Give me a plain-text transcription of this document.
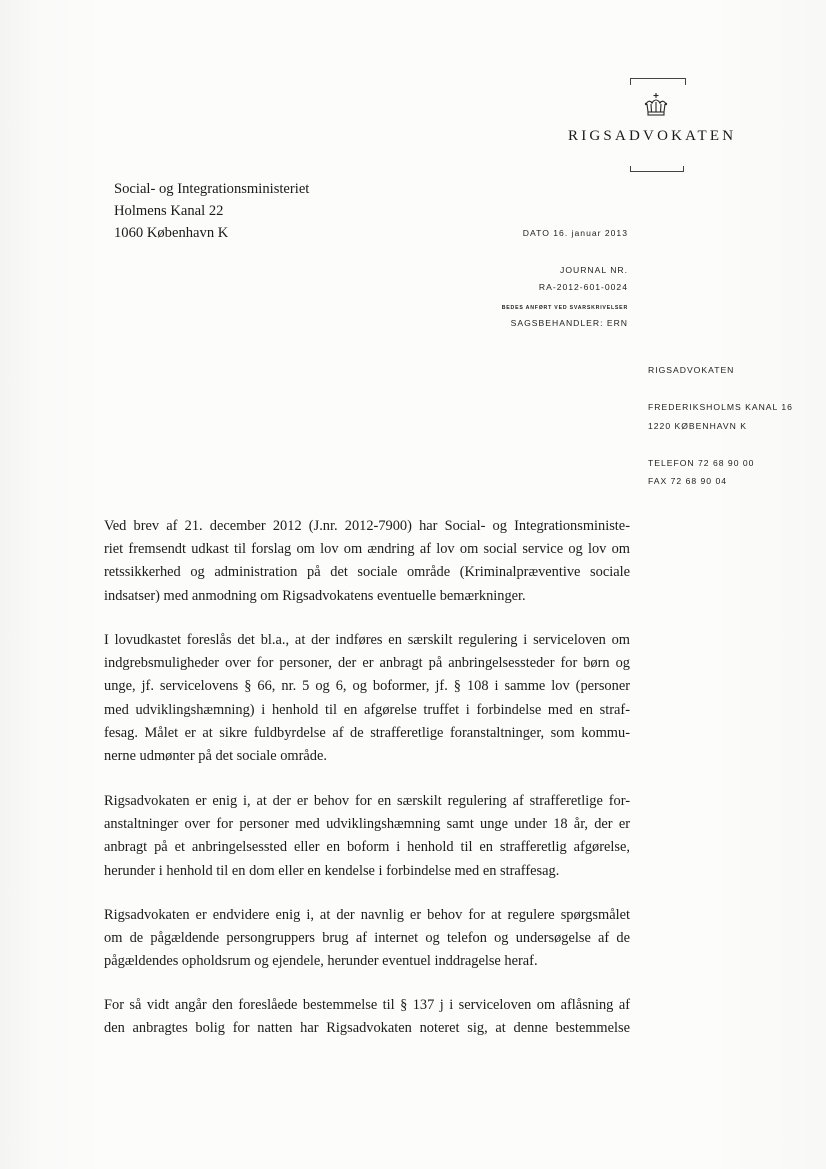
RIGSADVOKATEN
Social- og Integrationsministeriet
Holmens Kanal 22
1060 København K	DATO 16. januar 2013
JOURNAL NR.
RA-2012-601-0024
BEDES ANFØRT VED SVARSKRIVELSER
SAGSBEHANDLER: ERN
RIGSADVOKATEN
FREDERIKSHOLMS KANAL 16
1220 KØBENHAVN K
TELEFON 72 68 90 00
FAX 72 68 90 04
Ved brev af 21. december 2012 (J.nr. 2012-7900) har Social- og Integrationsministe-
riet fremsendt udkast til forslag om lov om ændring af lov om social service og lov om
retssikkerhed og administration på det sociale område (Kriminalpræventive sociale
indsatser) med anmodning om Rigsadvokatens eventuelle bemærkninger.
I lovudkastet foreslås det bl.a., at der indføres en særskilt regulering i serviceloven om
indgrebsmuligheder over for personer, der er anbragt på anbringelsessteder for børn og
unge, jf. servicelovens § 66, nr. 5 og 6, og boformer, jf. § 108 i samme lov (personer
med udviklingshæmning) i henhold til en afgørelse truffet i forbindelse med en straf-
fesag. Målet er at sikre fuldbyrdelse af de strafferetlige foranstaltninger, som kommu-
nerne udmønter på det sociale område.
Rigsadvokaten er enig i, at der er behov for en særskilt regulering af strafferetlige for-
anstaltninger over for personer med udviklingshæmning samt unge under 18 år, der er
anbragt på et anbringelsessted eller en boform i henhold til en strafferetlig afgørelse,
herunder i henhold til en dom eller en kendelse i forbindelse med en straffesag.
Rigsadvokaten er endvidere enig i, at der navnlig er behov for at regulere spørgsmålet
om de pågældende persongruppers brug af internet og telefon og undersøgelse af de
pågældendes opholdsrum og ejendele, herunder eventuel inddragelse heraf.
For så vidt angår den foreslåede bestemmelse til § 137 j i serviceloven om aflåsning af
den anbragtes bolig for natten har Rigsadvokaten noteret sig, at denne bestemmelse
